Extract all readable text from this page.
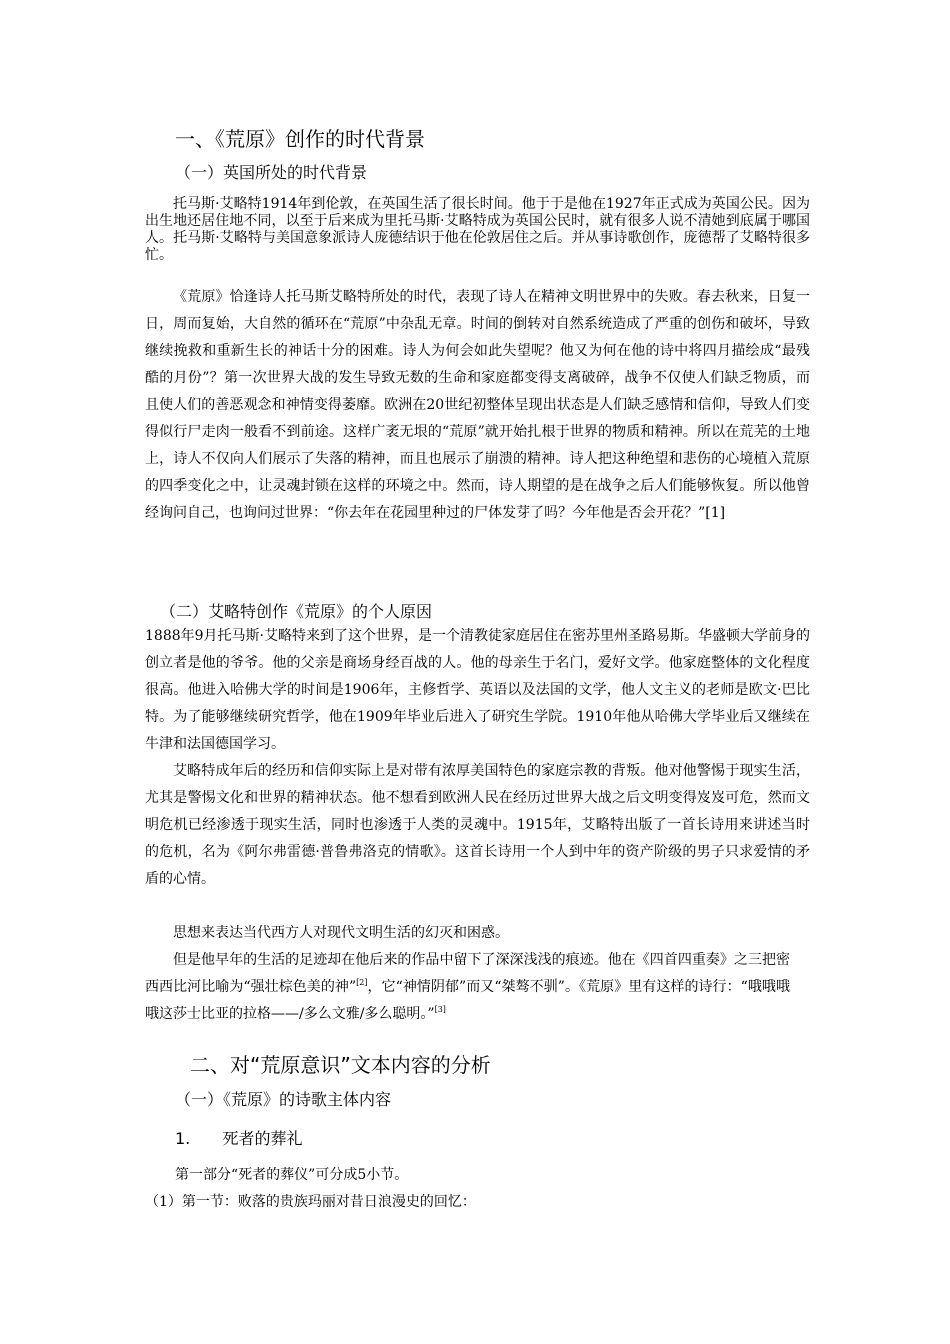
一、《荒原》创作的时代背景
（一）英国所处的时代背景

托马斯·艾略特1914年到伦敦，在英国生活了很长时间。他于于是他在1927年正式成为英国公民。因为出生地还居住地不同，以至于后来成为里托马斯·艾略特成为英国公民时，就有很多人说不清她到底属于哪国人。托马斯·艾略特与美国意象派诗人庞德结识于他在伦敦居住之后。并从事诗歌创作，庞德帮了艾略特很多忙。

《荒原》恰逢诗人托马斯艾略特所处的时代，表现了诗人在精神文明世界中的失败。春去秋来，日复一日，周而复始，大自然的循环在“荒原”中杂乱无章。时间的倒转对自然系统造成了严重的创伤和破坏，导致继续挽救和重新生长的神话十分的困难。诗人为何会如此失望呢？他又为何在他的诗中将四月描绘成“最残酷的月份”？第一次世界大战的发生导致无数的生命和家庭都变得支离破碎，战争不仅使人们缺乏物质，而且使人们的善恶观念和神情变得萎靡。欧洲在20世纪初整体呈现出状态是人们缺乏感情和信仰，导致人们变得似行尸走肉一般看不到前途。这样广袤无垠的“荒原”就开始扎根于世界的物质和精神。所以在荒芜的土地上，诗人不仅向人们展示了失落的精神，而且也展示了崩溃的精神。诗人把这种绝望和悲伤的心境植入荒原的四季变化之中，让灵魂封锁在这样的环境之中。然而，诗人期望的是在战争之后人们能够恢复。所以他曾经询问自己，也询问过世界：“你去年在花园里种过的尸体发芽了吗？今年他是否会开花？”[1]

（二）艾略特创作《荒原》的个人原因

1888年9月托马斯·艾略特来到了这个世界，是一个清教徒家庭居住在密苏里州圣路易斯。华盛顿大学前身的创立者是他的爷爷。他的父亲是商场身经百战的人。他的母亲生于名门，爱好文学。他家庭整体的文化程度很高。他进入哈佛大学的时间是1906年，主修哲学、英语以及法国的文学，他人文主义的老师是欧文·巴比特。为了能够继续研究哲学，他在1909年毕业后进入了研究生学院。1910年他从哈佛大学毕业后又继续在牛津和法国德国学习。

艾略特成年后的经历和信仰实际上是对带有浓厚美国特色的家庭宗教的背叛。他对他警惕于现实生活，尤其是警惕文化和世界的精神状态。他不想看到欧洲人民在经历过世界大战之后文明变得岌岌可危，然而文明危机已经渗透于现实生活，同时也渗透于人类的灵魂中。1915年，艾略特出版了一首长诗用来讲述当时的危机，名为《阿尔弗雷德·普鲁弗洛克的情歌》。这首长诗用一个人到中年的资产阶级的男子只求爱情的矛盾的心情。

思想来表达当代西方人对现代文明生活的幻灭和困惑。

但是他早年的生活的足迹却在他后来的作品中留下了深深浅浅的痕迹。他在《四首四重奏》之三把密西西比河比喻为“强壮棕色美的神”[2]，它“神情阴郁”而又“桀骜不驯”。《荒原》里有这样的诗行：“哦哦哦哦这莎士比亚的拉格——/多么文雅/多么聪明。”[3]

二、对“荒原意识”文本内容的分析
（一）《荒原》的诗歌主体内容
1. 死者的葬礼

第一部分“死者的葬仪”可分成5小节。

（1）第一节：败落的贵族玛丽对昔日浪漫史的回忆：
